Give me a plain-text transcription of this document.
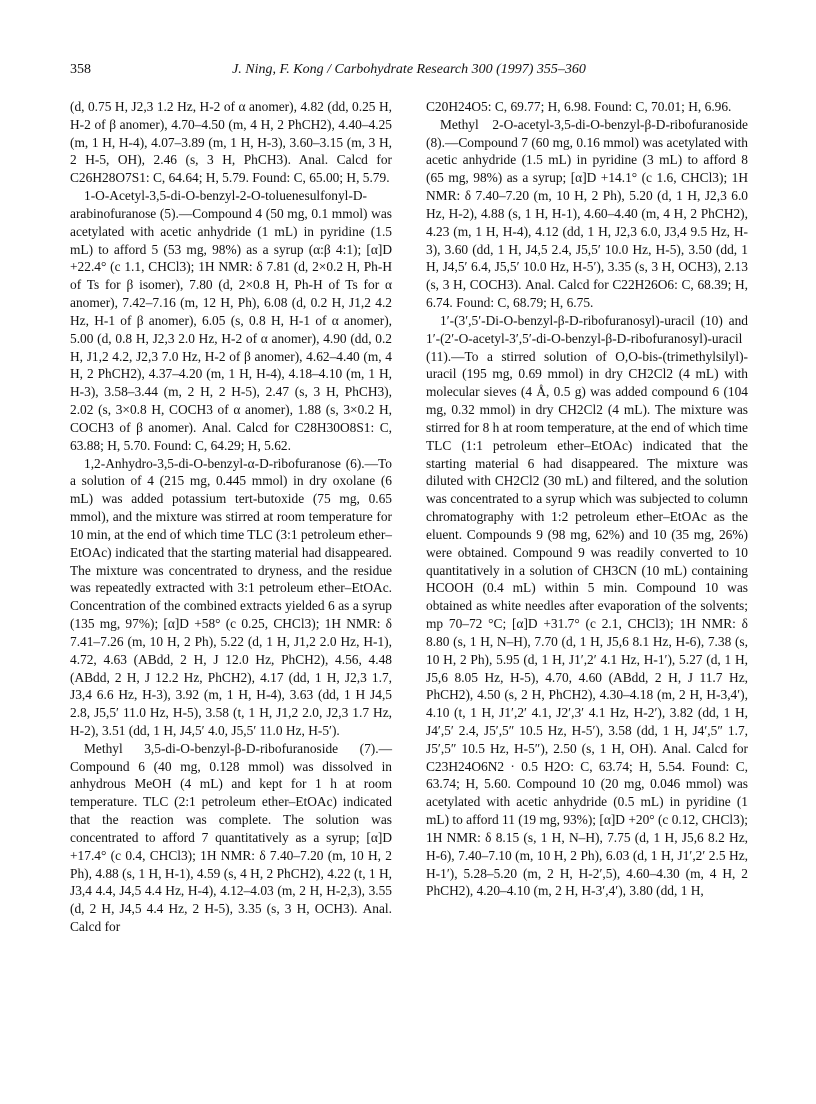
358	J. Ning, F. Kong / Carbohydrate Research 300 (1997) 355–360

(d, 0.75 H, J2,3 1.2 Hz, H-2 of α anomer), 4.82 (dd, 0.25 H, H-2 of β anomer), 4.70–4.50 (m, 4 H, 2 PhCH2), 4.40–4.25 (m, 1 H, H-4), 4.07–3.89 (m, 1 H, H-3), 3.60–3.15 (m, 3 H, 2 H-5, OH), 2.46 (s, 3 H, PhCH3). Anal. Calcd for C26H28O7S1: C, 64.64; H, 5.79. Found: C, 65.00; H, 5.79.

1-O-Acetyl-3,5-di-O-benzyl-2-O-toluenesulfonyl-D-arabinofuranose (5).—Compound 4 (50 mg, 0.1 mmol) was acetylated with acetic anhydride (1 mL) in pyridine (1.5 mL) to afford 5 (53 mg, 98%) as a syrup (α:β 4:1); [α]D +22.4° (c 1.1, CHCl3); 1H NMR: δ 7.81 (d, 2×0.2 H, Ph-H of Ts for β isomer), 7.80 (d, 2×0.8 H, Ph-H of Ts for α anomer), 7.42–7.16 (m, 12 H, Ph), 6.08 (d, 0.2 H, J1,2 4.2 Hz, H-1 of β anomer), 6.05 (s, 0.8 H, H-1 of α anomer), 5.00 (d, 0.8 H, J2,3 2.0 Hz, H-2 of α anomer), 4.90 (dd, 0.2 H, J1,2 4.2, J2,3 7.0 Hz, H-2 of β anomer), 4.62–4.40 (m, 4 H, 2 PhCH2), 4.37–4.20 (m, 1 H, H-4), 4.18–4.10 (m, 1 H, H-3), 3.58–3.44 (m, 2 H, 2 H-5), 2.47 (s, 3 H, PhCH3), 2.02 (s, 3×0.8 H, COCH3 of α anomer), 1.88 (s, 3×0.2 H, COCH3 of β anomer). Anal. Calcd for C28H30O8S1: C, 63.88; H, 5.70. Found: C, 64.29; H, 5.62.

1,2-Anhydro-3,5-di-O-benzyl-α-D-ribofuranose (6).—To a solution of 4 (215 mg, 0.445 mmol) in dry oxolane (6 mL) was added potassium tert-butoxide (75 mg, 0.65 mmol), and the mixture was stirred at room temperature for 10 min, at the end of which time TLC (3:1 petroleum ether–EtOAc) indicated that the starting material had disappeared. The mixture was concentrated to dryness, and the residue was repeatedly extracted with 3:1 petroleum ether–EtOAc. Concentration of the combined extracts yielded 6 as a syrup (135 mg, 97%); [α]D +58° (c 0.25, CHCl3); 1H NMR: δ 7.41–7.26 (m, 10 H, 2 Ph), 5.22 (d, 1 H, J1,2 2.0 Hz, H-1), 4.72, 4.63 (ABdd, 2 H, J 12.0 Hz, PhCH2), 4.56, 4.48 (ABdd, 2 H, J 12.2 Hz, PhCH2), 4.17 (dd, 1 H, J2,3 1.7, J3,4 6.6 Hz, H-3), 3.92 (m, 1 H, H-4), 3.63 (dd, 1 H J4,5 2.8, J5,5′ 11.0 Hz, H-5), 3.58 (t, 1 H, J1,2 2.0, J2,3 1.7 Hz, H-2), 3.51 (dd, 1 H, J4,5′ 4.0, J5,5′ 11.0 Hz, H-5′).

Methyl 3,5-di-O-benzyl-β-D-ribofuranoside (7).—Compound 6 (40 mg, 0.128 mmol) was dissolved in anhydrous MeOH (4 mL) and kept for 1 h at room temperature. TLC (2:1 petroleum ether–EtOAc) indicated that the reaction was complete. The solution was concentrated to afford 7 quantitatively as a syrup; [α]D +17.4° (c 0.4, CHCl3); 1H NMR: δ 7.40–7.20 (m, 10 H, 2 Ph), 4.88 (s, 1 H, H-1), 4.59 (s, 4 H, 2 PhCH2), 4.22 (t, 1 H, J3,4 4.4, J4,5 4.4 Hz, H-4), 4.12–4.03 (m, 2 H, H-2,3), 3.55 (d, 2 H, J4,5 4.4 Hz, 2 H-5), 3.35 (s, 3 H, OCH3). Anal. Calcd for

C20H24O5: C, 69.77; H, 6.98. Found: C, 70.01; H, 6.96.

Methyl 2-O-acetyl-3,5-di-O-benzyl-β-D-ribofuranoside (8).—Compound 7 (60 mg, 0.16 mmol) was acetylated with acetic anhydride (1.5 mL) in pyridine (3 mL) to afford 8 (65 mg, 98%) as a syrup; [α]D +14.1° (c 1.6, CHCl3); 1H NMR: δ 7.40–7.20 (m, 10 H, 2 Ph), 5.20 (d, 1 H, J2,3 6.0 Hz, H-2), 4.88 (s, 1 H, H-1), 4.60–4.40 (m, 4 H, 2 PhCH2), 4.23 (m, 1 H, H-4), 4.12 (dd, 1 H, J2,3 6.0, J3,4 9.5 Hz, H-3), 3.60 (dd, 1 H, J4,5 2.4, J5,5′ 10.0 Hz, H-5), 3.50 (dd, 1 H, J4,5′ 6.4, J5,5′ 10.0 Hz, H-5′), 3.35 (s, 3 H, OCH3), 2.13 (s, 3 H, COCH3). Anal. Calcd for C22H26O6: C, 68.39; H, 6.74. Found: C, 68.79; H, 6.75.

1′-(3′,5′-Di-O-benzyl-β-D-ribofuranosyl)-uracil (10) and 1′-(2′-O-acetyl-3′,5′-di-O-benzyl-β-D-ribofuranosyl)-uracil (11).—To a stirred solution of O,O-bis-(trimethylsilyl)-uracil (195 mg, 0.69 mmol) in dry CH2Cl2 (4 mL) with molecular sieves (4 Å, 0.5 g) was added compound 6 (104 mg, 0.32 mmol) in dry CH2Cl2 (4 mL). The mixture was stirred for 8 h at room temperature, at the end of which time TLC (1:1 petroleum ether–EtOAc) indicated that the starting material 6 had disappeared. The mixture was diluted with CH2Cl2 (30 mL) and filtered, and the solution was concentrated to a syrup which was subjected to column chromatography with 1:2 petroleum ether–EtOAc as the eluent. Compounds 9 (98 mg, 62%) and 10 (35 mg, 26%) were obtained. Compound 9 was readily converted to 10 quantitatively in a solution of CH3CN (10 mL) containing HCOOH (0.4 mL) within 5 min. Compound 10 was obtained as white needles after evaporation of the solvents; mp 70–72 °C; [α]D +31.7° (c 2.1, CHCl3); 1H NMR: δ 8.80 (s, 1 H, N–H), 7.70 (d, 1 H, J5,6 8.1 Hz, H-6), 7.38 (s, 10 H, 2 Ph), 5.95 (d, 1 H, J1′,2′ 4.1 Hz, H-1′), 5.27 (d, 1 H, J5,6 8.05 Hz, H-5), 4.70, 4.60 (ABdd, 2 H, J 11.7 Hz, PhCH2), 4.50 (s, 2 H, PhCH2), 4.30–4.18 (m, 2 H, H-3,4′), 4.10 (t, 1 H, J1′,2′ 4.1, J2′,3′ 4.1 Hz, H-2′), 3.82 (dd, 1 H, J4′,5′ 2.4, J5′,5″ 10.5 Hz, H-5′), 3.58 (dd, 1 H, J4′,5″ 1.7, J5′,5″ 10.5 Hz, H-5″), 2.50 (s, 1 H, OH). Anal. Calcd for C23H24O6N2 · 0.5 H2O: C, 63.74; H, 5.54. Found: C, 63.74; H, 5.60. Compound 10 (20 mg, 0.046 mmol) was acetylated with acetic anhydride (0.5 mL) in pyridine (1 mL) to afford 11 (19 mg, 93%); [α]D +20° (c 0.12, CHCl3); 1H NMR: δ 8.15 (s, 1 H, N–H), 7.75 (d, 1 H, J5,6 8.2 Hz, H-6), 7.40–7.10 (m, 10 H, 2 Ph), 6.03 (d, 1 H, J1′,2′ 2.5 Hz, H-1′), 5.28–5.20 (m, 2 H, H-2′,5), 4.60–4.30 (m, 4 H, 2 PhCH2), 4.20–4.10 (m, 2 H, H-3′,4′), 3.80 (dd, 1 H,
